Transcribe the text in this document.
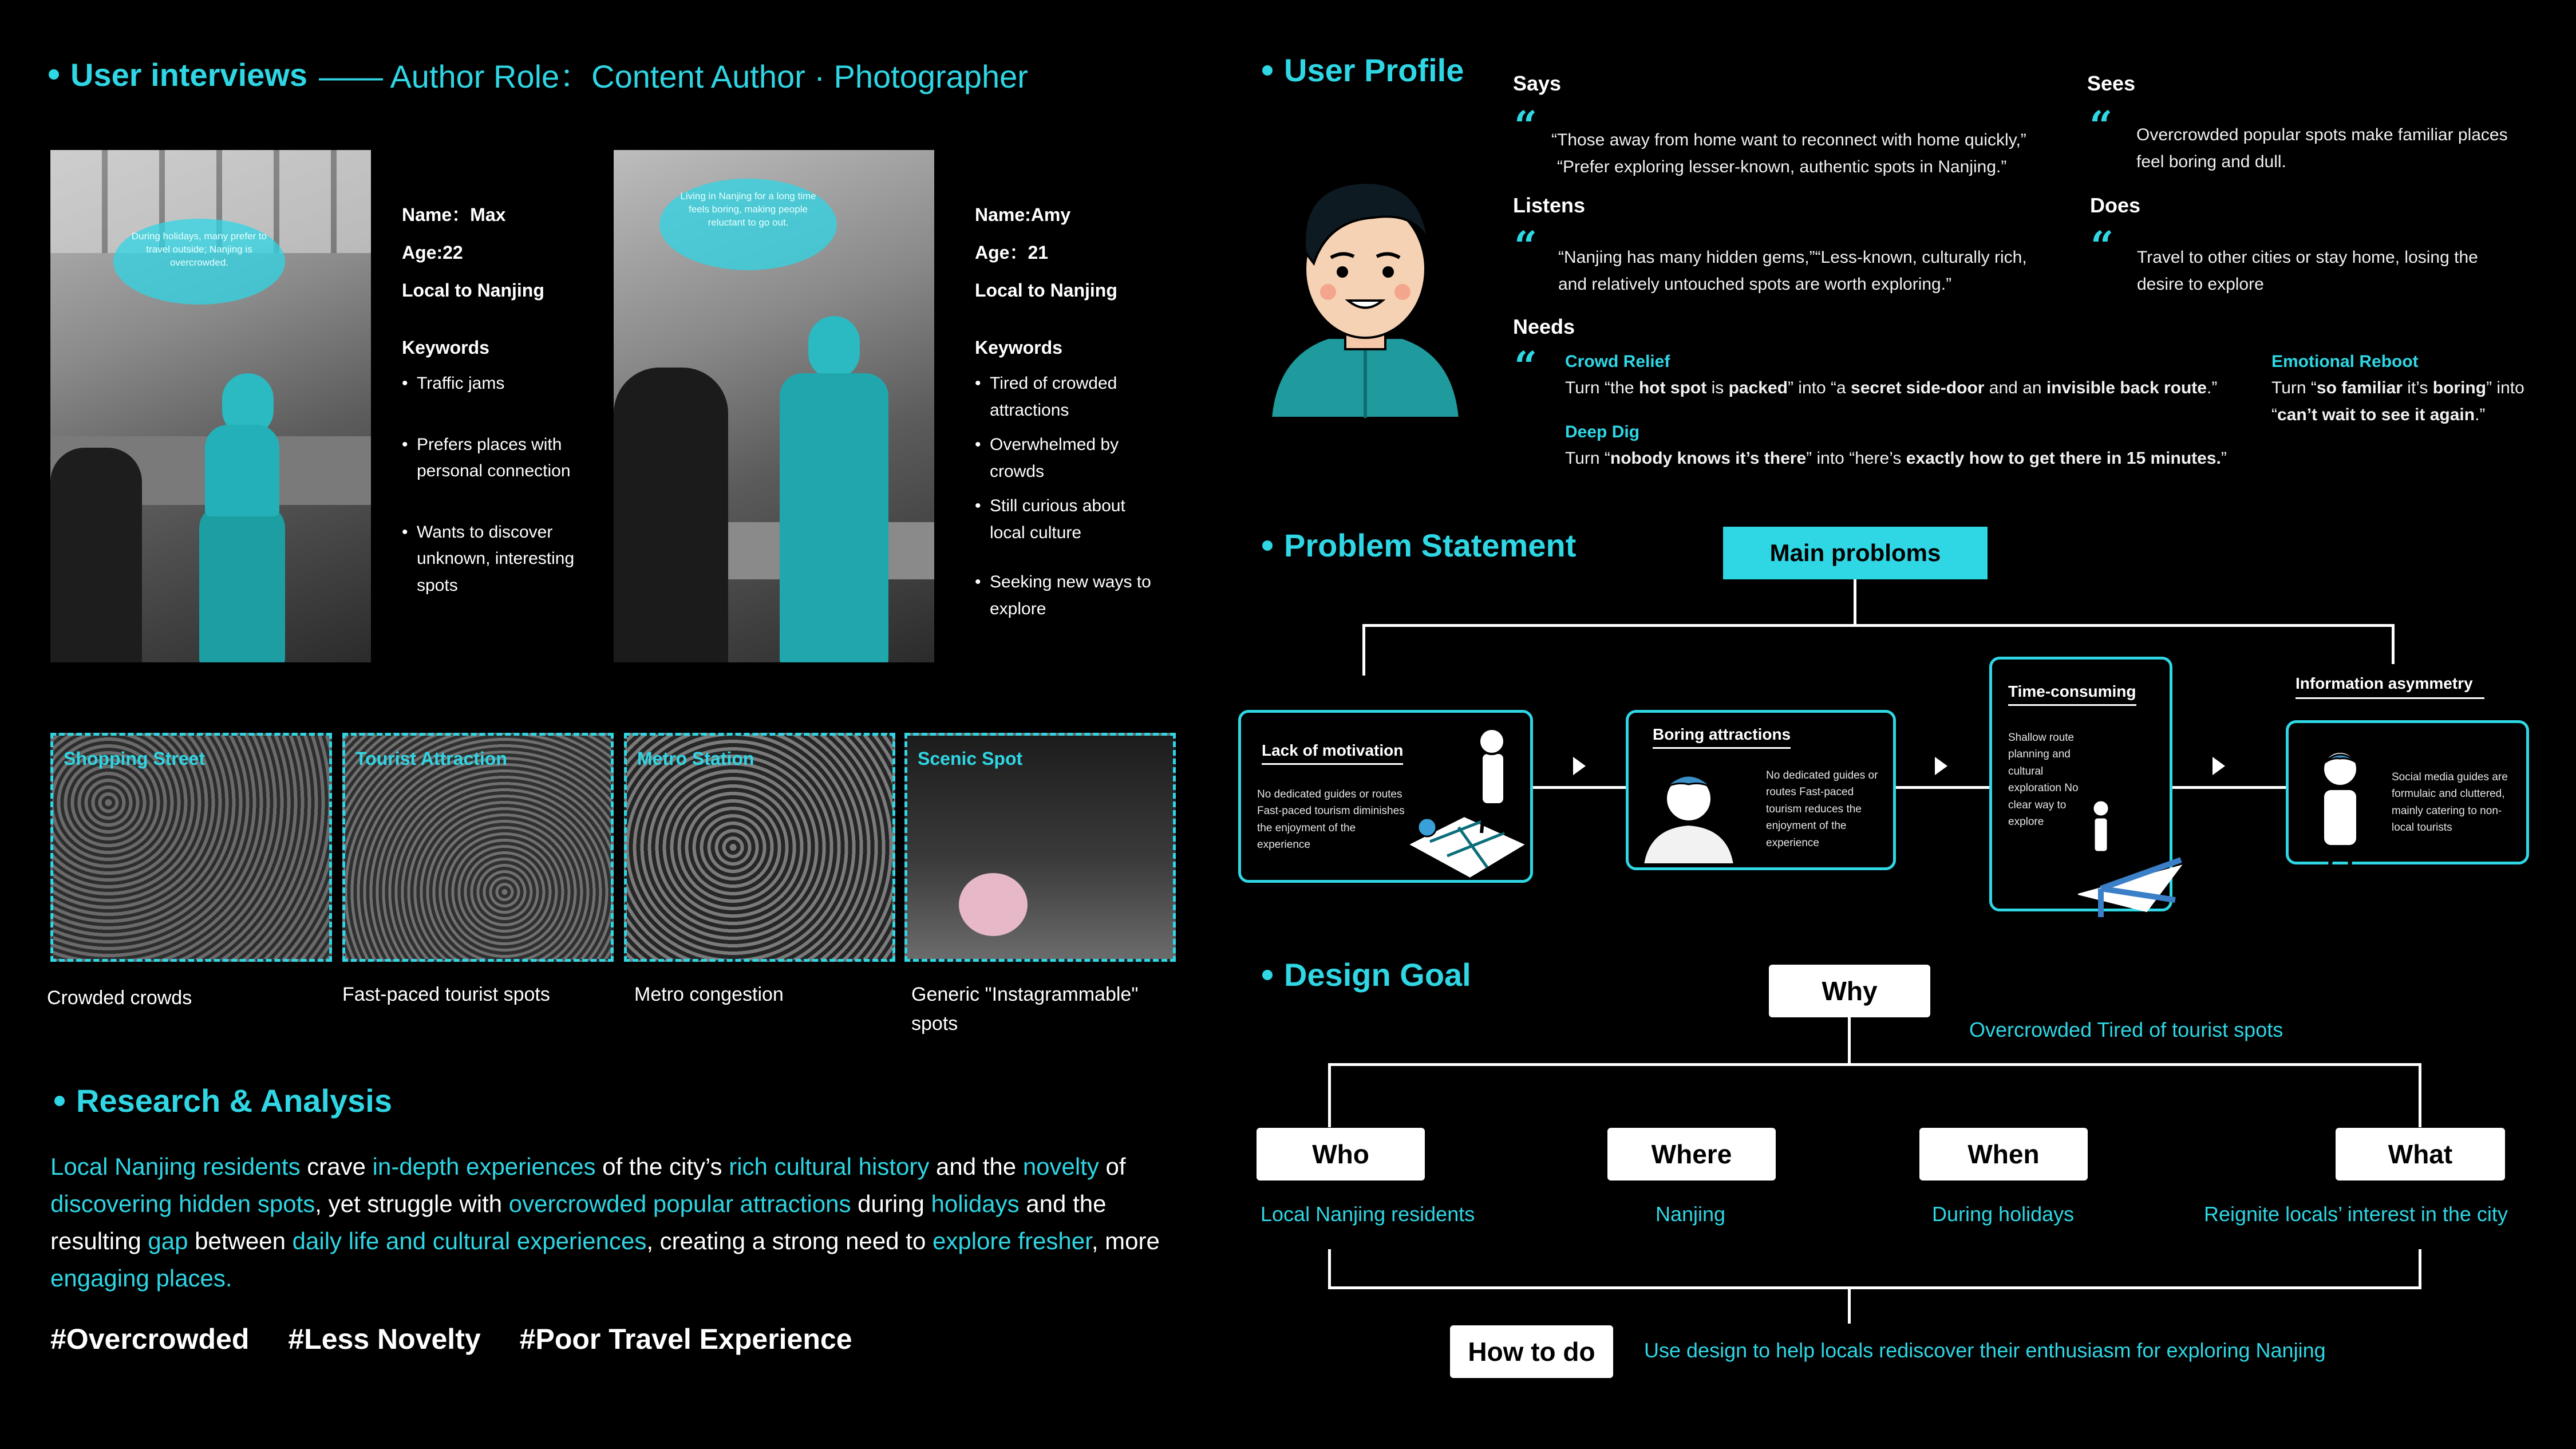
User interviews —— Author Role：Content Author · Photographer
During holidays, many prefer to travel outside; Nanjing is overcrowded.
Name：Max
Age:22
Local to Nanjing
Keywords
• Traffic jams
• Prefers places with personal connection
• Wants to discover unknown, interesting spots
Living in Nanjing for a long time feels boring, making people reluctant to go out.	Name:Amy
Age：21
Local to Nanjing
Keywords
• Tired of crowded attractions
• Overwhelmed by crowds
• Still curious about local culture
• Seeking new ways to explore
Shopping Street	Tourist Attraction	Metro Station	Scenic Spot
Crowded crowds	Fast-paced tourist spots	Metro congestion	Generic "Instagrammable" spots
Research & Analysis
Local Nanjing residents crave in-depth experiences of the city’s rich cultural history and the novelty of discovering hidden spots, yet struggle with overcrowded popular attractions during holidays and the resulting gap between daily life and cultural experiences, creating a strong need to explore fresher, more engaging places.
#Overcrowded #Less Novelty #Poor Travel Experience
User Profile Says
“ “Those away from home want to reconnect with home quickly,”
“Prefer exploring lesser-known, authentic spots in Nanjing.”
Sees
“ Overcrowded popular spots make familiar places
feel boring and dull.
Listens
“ “Nanjing has many hidden gems,”“Less-known, culturally rich,
and relatively untouched spots are worth exploring.”
Does
“ Travel to other cities or stay home, losing the
desire to explore
Needs
“ Crowd Relief
Turn “the hot spot is packed” into “a secret side-door and an invisible back route.”
Deep Dig
Turn “nobody knows it’s there” into “here’s exactly how to get there in 15 minutes.”
Emotional Reboot
Turn “so familiar it’s boring” into
“can’t wait to see it again.”
Problem Statement	Main probloms
Lack of motivation
No dedicated guides or routes Fast-paced tourism diminishes the enjoyment of the experience
Boring attractions
No dedicated guides or routes Fast-paced tourism reduces the enjoyment of the experience
Time-consuming
Shallow route planning and cultural exploration No clear way to explore
Information asymmetry
Social media guides are formulaic and cluttered, mainly catering to non-local tourists
Design Goal	Why
Overcrowded Tired of tourist spots
Who	Where	When	What
Local Nanjing residents	Nanjing	During holidays	Reignite locals’ interest in the city
How to do	Use design to help locals rediscover their enthusiasm for exploring Nanjing
